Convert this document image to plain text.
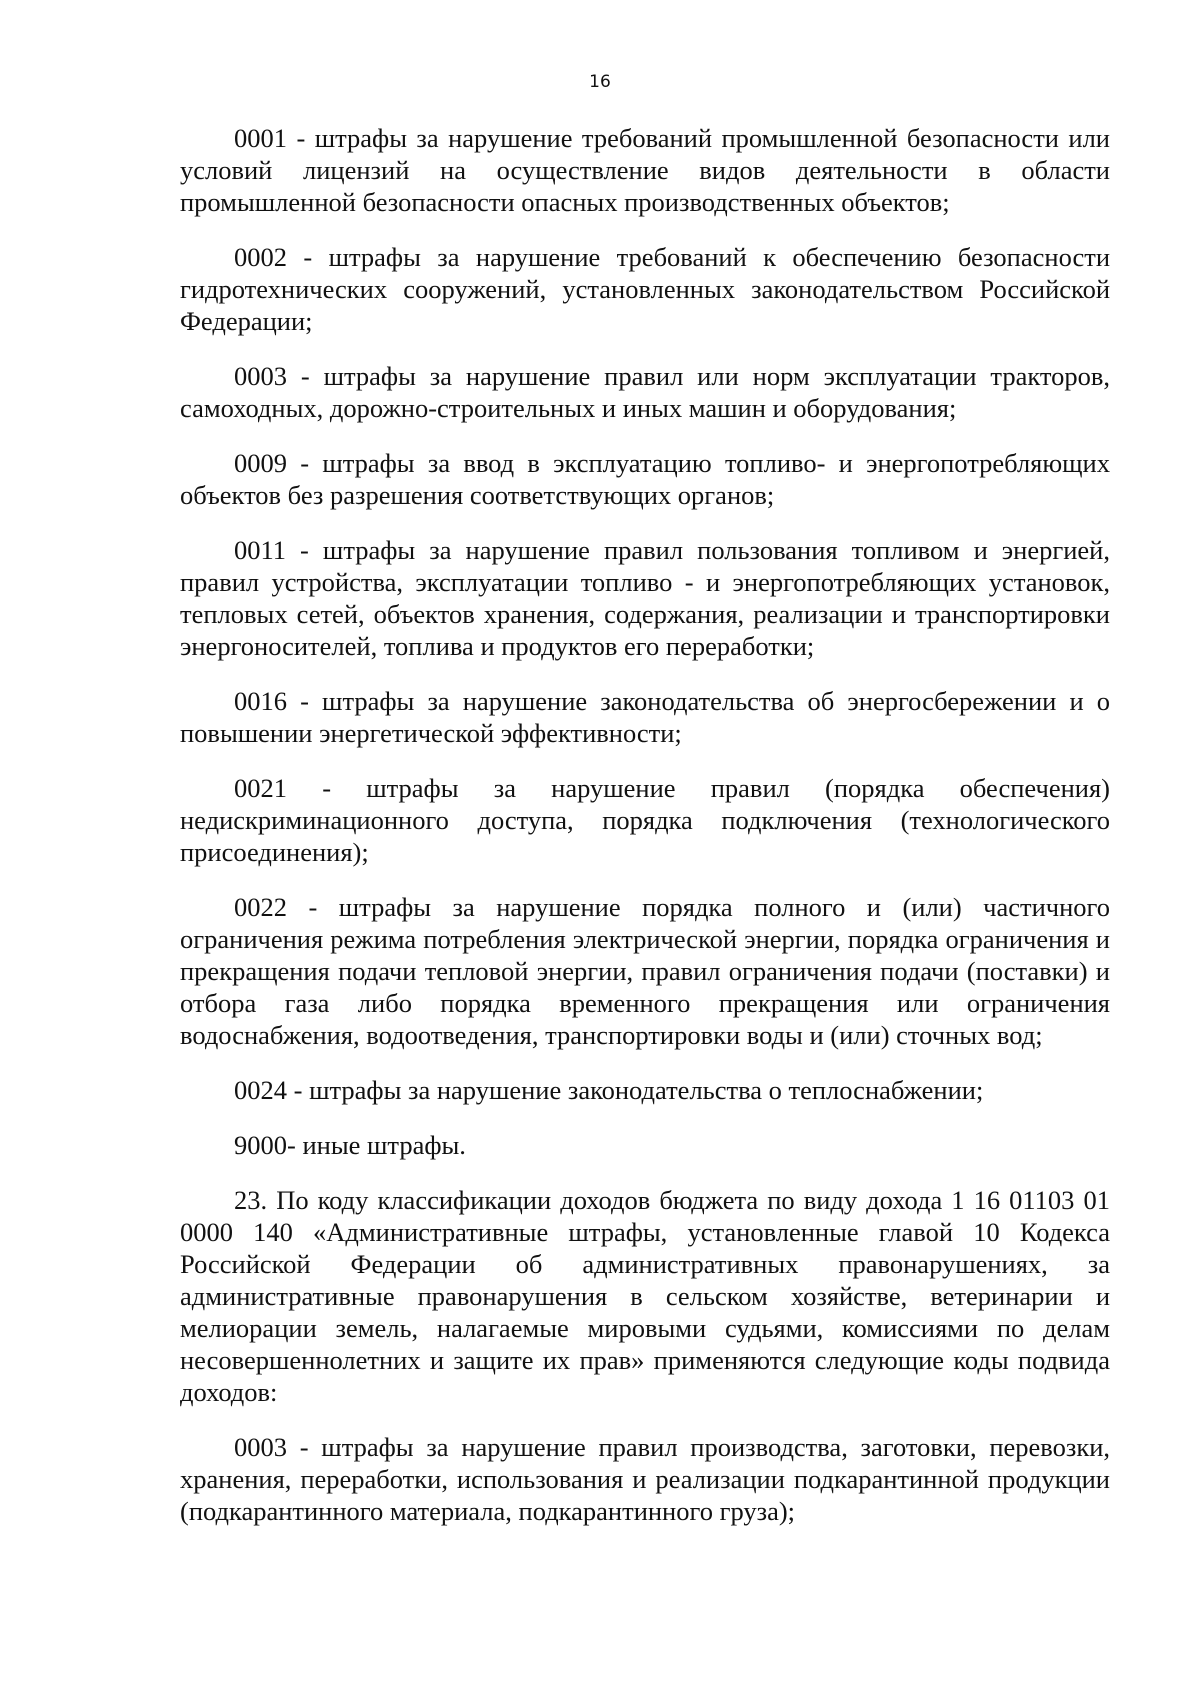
16

0001 - штрафы за нарушение требований промышленной безопасности или условий лицензий на осуществление видов деятельности в области промышленной безопасности опасных производственных объектов;

0002 - штрафы за нарушение требований к обеспечению безопасности гидротехнических сооружений, установленных законодательством Российской Федерации;

0003 - штрафы за нарушение правил или норм эксплуатации тракторов, самоходных, дорожно-строительных и иных машин и оборудования;

0009 - штрафы за ввод в эксплуатацию топливо- и энергопотребляющих объектов без разрешения соответствующих органов;

0011 - штрафы за нарушение правил пользования топливом и энергией, правил устройства, эксплуатации топливо - и энергопотребляющих установок, тепловых сетей, объектов хранения, содержания, реализации и транспортировки энергоносителей, топлива и продуктов его переработки;

0016 - штрафы за нарушение законодательства об энергосбережении и о повышении энергетической эффективности;

0021 - штрафы за нарушение правил (порядка обеспечения) недискриминационного доступа, порядка подключения (технологического присоединения);

0022 - штрафы за нарушение порядка полного и (или) частичного ограничения режима потребления электрической энергии, порядка ограничения и прекращения подачи тепловой энергии, правил ограничения подачи (поставки) и отбора газа либо порядка временного прекращения или ограничения водоснабжения, водоотведения, транспортировки воды и (или) сточных вод;

0024 - штрафы за нарушение законодательства о теплоснабжении;

9000- иные штрафы.

23. По коду классификации доходов бюджета по виду дохода 1 16 01103 01 0000 140 «Административные штрафы, установленные главой 10 Кодекса Российской Федерации об административных правонарушениях, за административные правонарушения в сельском хозяйстве, ветеринарии и мелиорации земель, налагаемые мировыми судьями, комиссиями по делам несовершеннолетних и защите их прав» применяются следующие коды подвида доходов:

0003 - штрафы за нарушение правил производства, заготовки, перевозки, хранения, переработки, использования и реализации подкарантинной продукции (подкарантинного материала, подкарантинного груза);
